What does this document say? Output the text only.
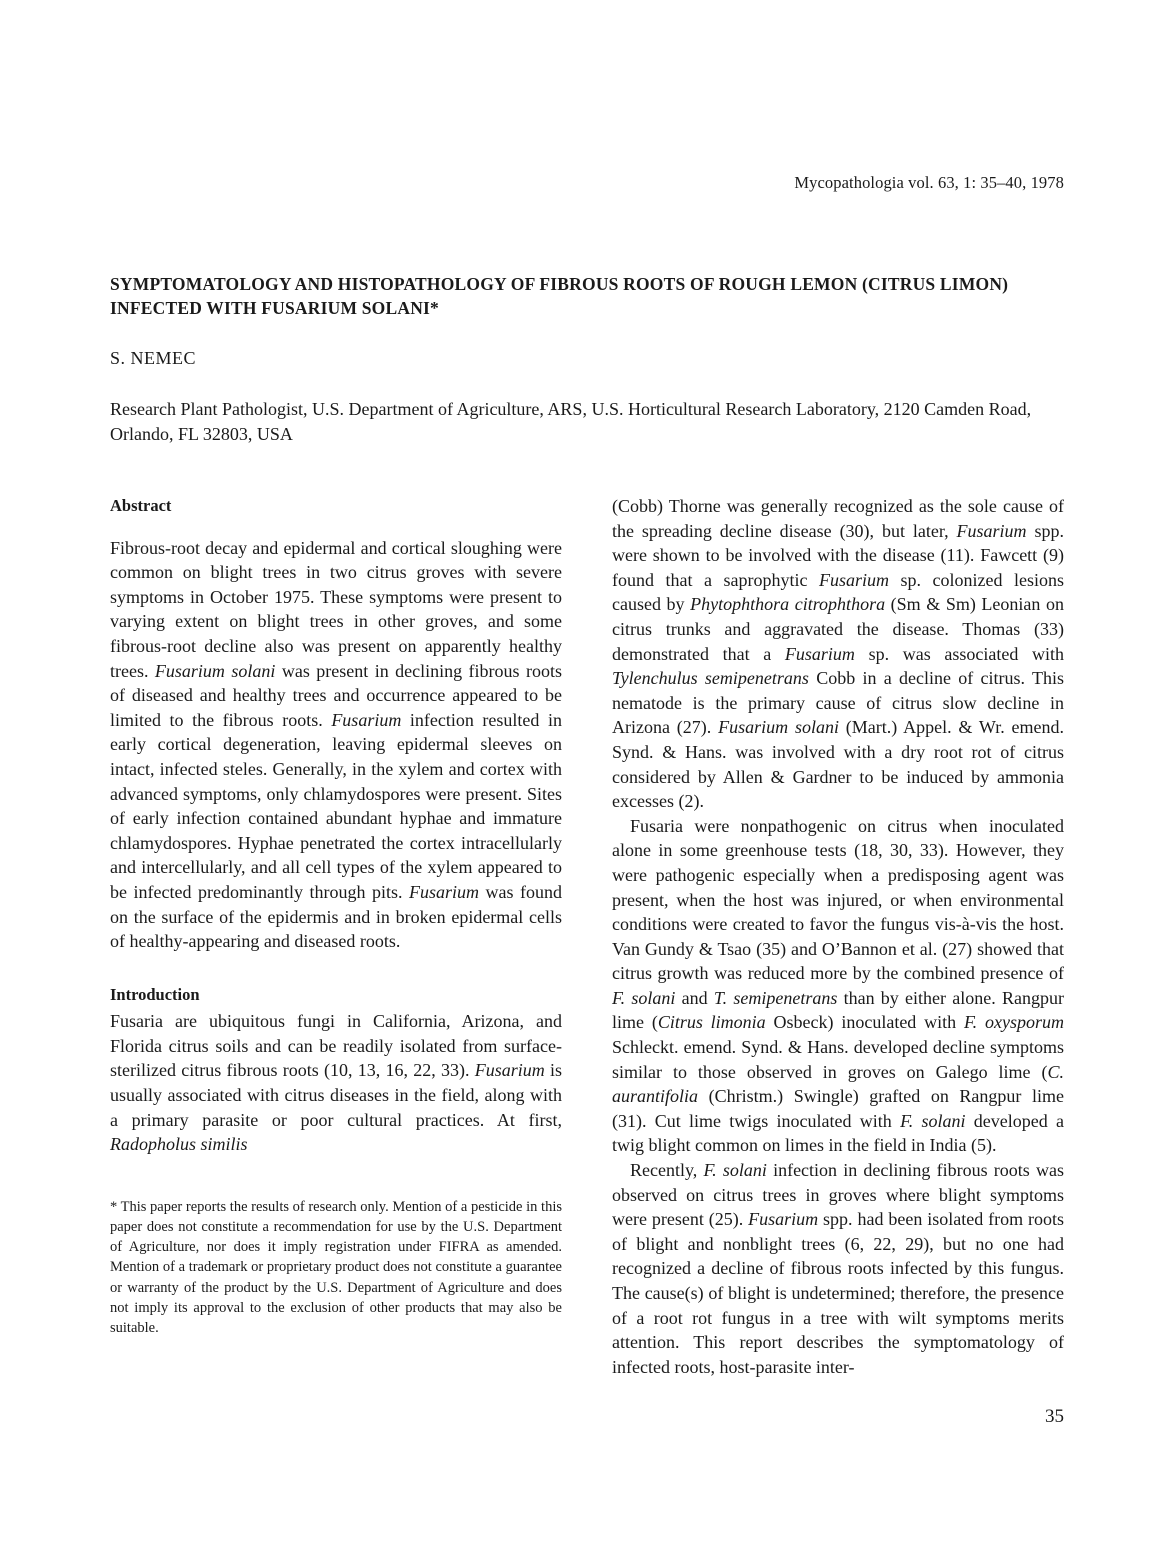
Mycopathologia vol. 63, 1: 35–40, 1978
SYMPTOMATOLOGY AND HISTOPATHOLOGY OF FIBROUS ROOTS OF ROUGH LEMON (CITRUS LIMON)
INFECTED WITH FUSARIUM SOLANI*
S. NEMEC
Research Plant Pathologist, U.S. Department of Agriculture, ARS, U.S. Horticultural Research Laboratory, 2120 Camden Road, Orlando, FL 32803, USA
Abstract

Fibrous-root decay and epidermal and cortical sloughing were common on blight trees in two citrus groves with severe symptoms in October 1975. These symptoms were present to varying extent on blight trees in other groves, and some fibrous-root decline also was present on apparently healthy trees. Fusarium solani was present in declining fibrous roots of diseased and healthy trees and occurrence appeared to be limited to the fibrous roots. Fusarium infection resulted in early cortical degeneration, leaving epidermal sleeves on intact, infected steles. Generally, in the xylem and cortex with advanced symptoms, only chlamydospores were present. Sites of early infection contained abundant hyphae and immature chlamydospores. Hyphae penetrated the cortex intracellularly and intercellularly, and all cell types of the xylem appeared to be infected predominantly through pits. Fusarium was found on the surface of the epidermis and in broken epidermal cells of healthy-appearing and diseased roots.

Introduction

Fusaria are ubiquitous fungi in California, Arizona, and Florida citrus soils and can be readily isolated from surface-sterilized citrus fibrous roots (10, 13, 16, 22, 33). Fusarium is usually associated with citrus diseases in the field, along with a primary parasite or poor cultural practices. At first, Radopholus similis

* This paper reports the results of research only. Mention of a pesticide in this paper does not constitute a recommendation for use by the U.S. Department of Agriculture, nor does it imply registration under FIFRA as amended. Mention of a trademark or proprietary product does not constitute a guarantee or warranty of the product by the U.S. Department of Agriculture and does not imply its approval to the exclusion of other products that may also be suitable.

(Cobb) Thorne was generally recognized as the sole cause of the spreading decline disease (30), but later, Fusarium spp. were shown to be involved with the disease (11). Fawcett (9) found that a saprophytic Fusarium sp. colonized lesions caused by Phytophthora citrophthora (Sm & Sm) Leonian on citrus trunks and aggravated the disease. Thomas (33) demonstrated that a Fusarium sp. was associated with Tylenchulus semipenetrans Cobb in a decline of citrus. This nematode is the primary cause of citrus slow decline in Arizona (27). Fusarium solani (Mart.) Appel. & Wr. emend. Synd. & Hans. was involved with a dry root rot of citrus considered by Allen & Gardner to be induced by ammonia excesses (2).

Fusaria were nonpathogenic on citrus when inoculated alone in some greenhouse tests (18, 30, 33). However, they were pathogenic especially when a predisposing agent was present, when the host was injured, or when environmental conditions were created to favor the fungus vis-à-vis the host. Van Gundy & Tsao (35) and O’Bannon et al. (27) showed that citrus growth was reduced more by the combined presence of F. solani and T. semipenetrans than by either alone. Rangpur lime (Citrus limonia Osbeck) inoculated with F. oxysporum Schleckt. emend. Synd. & Hans. developed decline symptoms similar to those observed in groves on Galego lime (C. aurantifolia (Christm.) Swingle) grafted on Rangpur lime (31). Cut lime twigs inoculated with F. solani developed a twig blight common on limes in the field in India (5).

Recently, F. solani infection in declining fibrous roots was observed on citrus trees in groves where blight symptoms were present (25). Fusarium spp. had been isolated from roots of blight and nonblight trees (6, 22, 29), but no one had recognized a decline of fibrous roots infected by this fungus. The cause(s) of blight is undetermined; therefore, the presence of a root rot fungus in a tree with wilt symptoms merits attention. This report describes the symptomatology of infected roots, host-parasite inter-

35
